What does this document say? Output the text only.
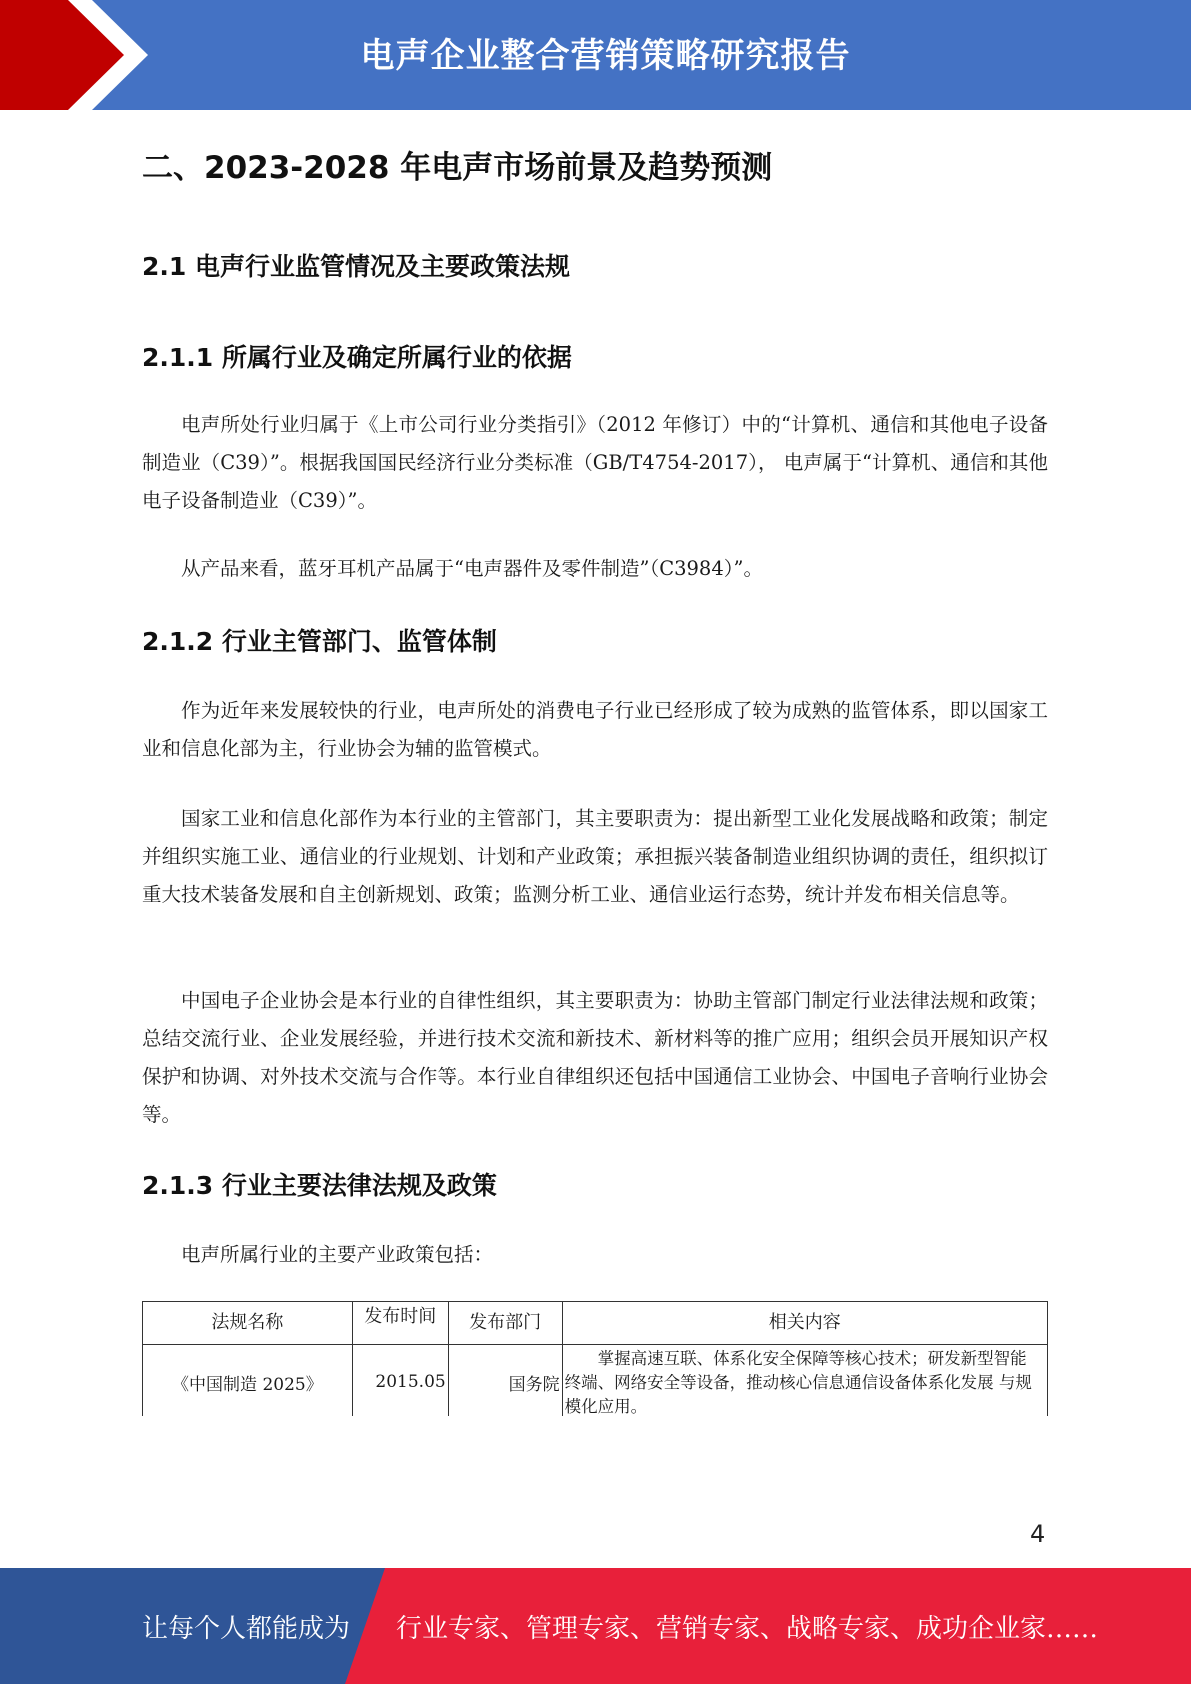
电声企业整合营销策略研究报告
二、2023-2028 年电声市场前景及趋势预测
2.1 电声行业监管情况及主要政策法规
2.1.1 所属行业及确定所属行业的依据
电声所处行业归属于《上市公司行业分类指引》（2012 年修订）中的“计算机、通信和其他电子设备制造业（C39）”。根据我国国民经济行业分类标准（GB/T4754-2017）， 电声属于“计算机、通信和其他电子设备制造业（C39）”。
从产品来看，蓝牙耳机产品属于“电声器件及零件制造”（C3984）”。
2.1.2 行业主管部门、监管体制
作为近年来发展较快的行业，电声所处的消费电子行业已经形成了较为成熟的监管体系，即以国家工业和信息化部为主，行业协会为辅的监管模式。
国家工业和信息化部作为本行业的主管部门，其主要职责为：提出新型工业化发展战略和政策；制定并组织实施工业、通信业的行业规划、计划和产业政策；承担振兴装备制造业组织协调的责任，组织拟订重大技术装备发展和自主创新规划、政策；监测分析工业、通信业运行态势，统计并发布相关信息等。
中国电子企业协会是本行业的自律性组织，其主要职责为：协助主管部门制定行业法律法规和政策；总结交流行业、企业发展经验，并进行技术交流和新技术、新材料等的推广应用；组织会员开展知识产权保护和协调、对外技术交流与合作等。本行业自律组织还包括中国通信工业协会、中国电子音响行业协会等。
2.1.3 行业主要法律法规及政策
电声所属行业的主要产业政策包括：
法规名称	发布时间	发布部门	相关内容

《中国制造 2025》	2015.05	国务院	掌握高速互联、体系化安全保障等核心技术；研发新型智能终端、网络安全等设备，推动核心信息通信设备体系化发展 与规模化应用。
4
让每个人都能成为 行业专家、管理专家、营销专家、战略专家、成功企业家……
